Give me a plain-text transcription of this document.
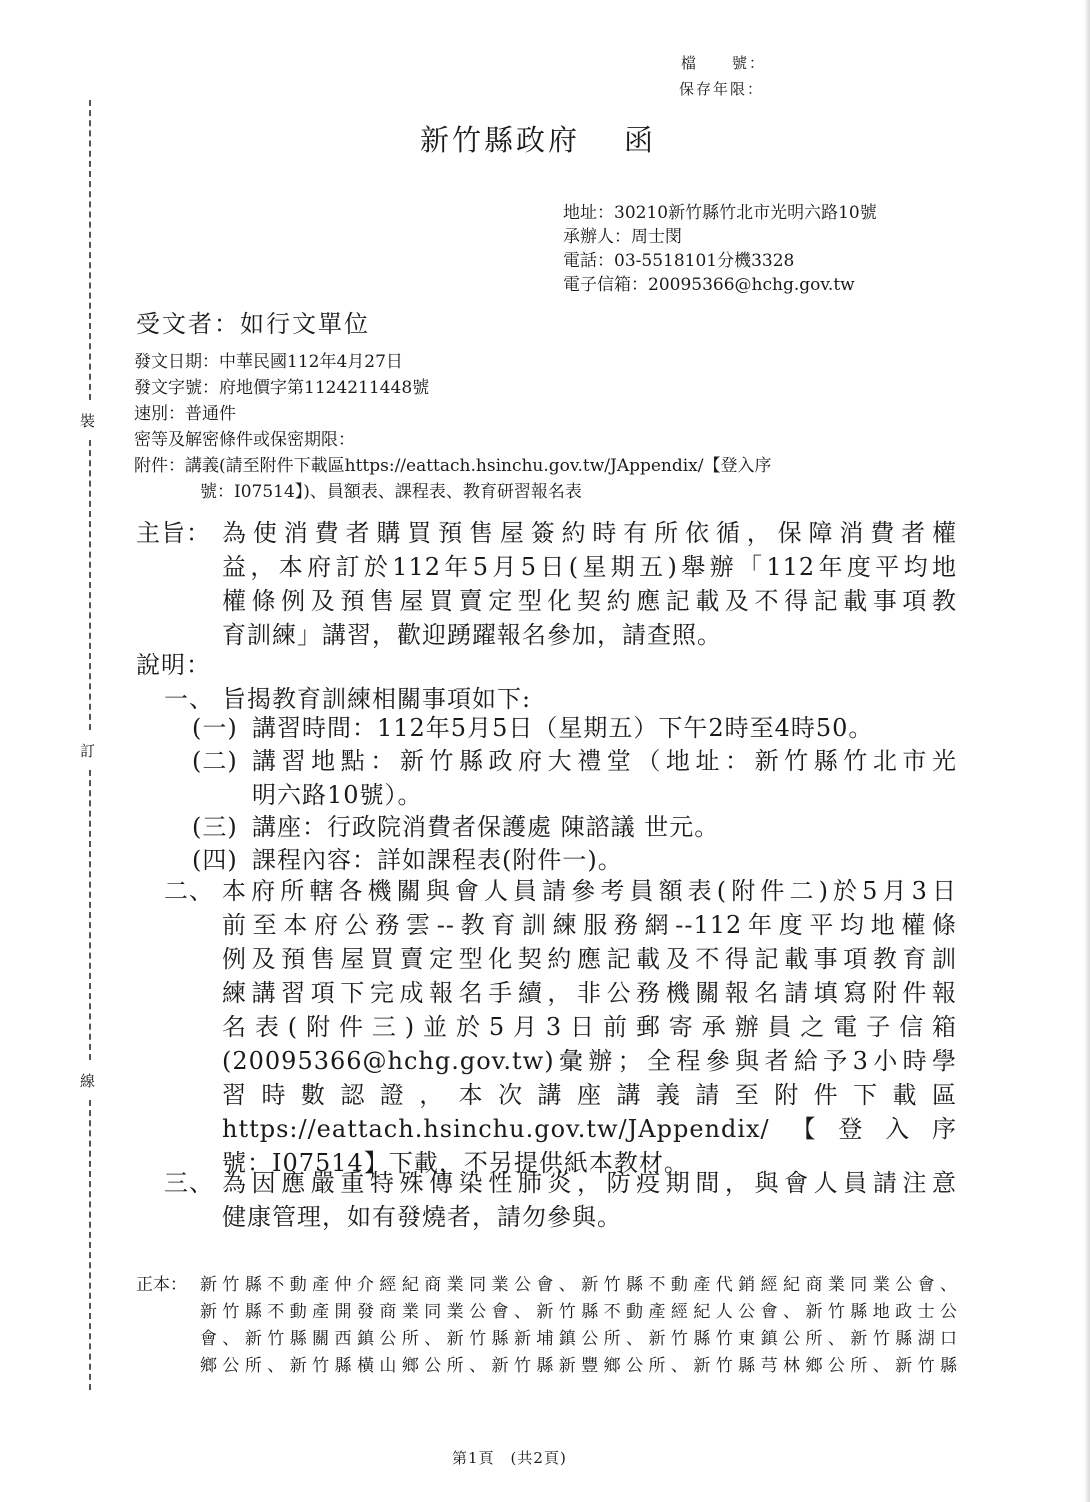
裝
訂
線
檔　　號：
保存年限：
新竹縣政府 函
地址：30210新竹縣竹北市光明六路10號
承辦人：周士閔
電話：03-5518101分機3328
電子信箱：20095366@hchg.gov.tw
受文者：如行文單位
發文日期：中華民國112年4月27日
發文字號：府地價字第1124211448號
速別：普通件
密等及解密條件或保密期限：
附件：講義(請至附件下載區https://eattach.hsinchu.gov.tw/JAppendix/【登入序
號：I07514】)、員額表、課程表、教育研習報名表
主旨： 為使消費者購買預售屋簽約時有所依循，保障消費者權
益，本府訂於112年5月5日(星期五)舉辦「112年度平均地
權條例及預售屋買賣定型化契約應記載及不得記載事項教
育訓練」講習，歡迎踴躍報名參加，請查照。
說明：
一、 旨揭教育訓練相關事項如下:
(一) 講習時間：112年5月5日（星期五）下午2時至4時50。
(二) 講習地點：新竹縣政府大禮堂（地址：新竹縣竹北市光
明六路10號）。
(三) 講座：行政院消費者保護處 陳諮議 世元。
(四) 課程內容：詳如課程表(附件一)。
二、 本府所轄各機關與會人員請參考員額表(附件二)於5月3日
前至本府公務雲--教育訓練服務網--112年度平均地權條
例及預售屋買賣定型化契約應記載及不得記載事項教育訓
練講習項下完成報名手續，非公務機關報名請填寫附件報
名表(附件三)並於5月3日前郵寄承辦員之電子信箱
(20095366@hchg.gov.tw)彙辦；全程參與者給予3小時學
習時數認證，本次講座講義請至附件下載區
https://eattach.hsinchu.gov.tw/JAppendix/【登入序
號：I07514】下載，不另提供紙本教材。
三、 為因應嚴重特殊傳染性肺炎，防疫期間，與會人員請注意
健康管理，如有發燒者，請勿參與。
正本： 新竹縣不動產仲介經紀商業同業公會、新竹縣不動產代銷經紀商業同業公會、
新竹縣不動產開發商業同業公會、新竹縣不動產經紀人公會、新竹縣地政士公
會、新竹縣關西鎮公所、新竹縣新埔鎮公所、新竹縣竹東鎮公所、新竹縣湖口
鄉公所、新竹縣橫山鄉公所、新竹縣新豐鄉公所、新竹縣芎林鄉公所、新竹縣
第1頁　(共2頁)
